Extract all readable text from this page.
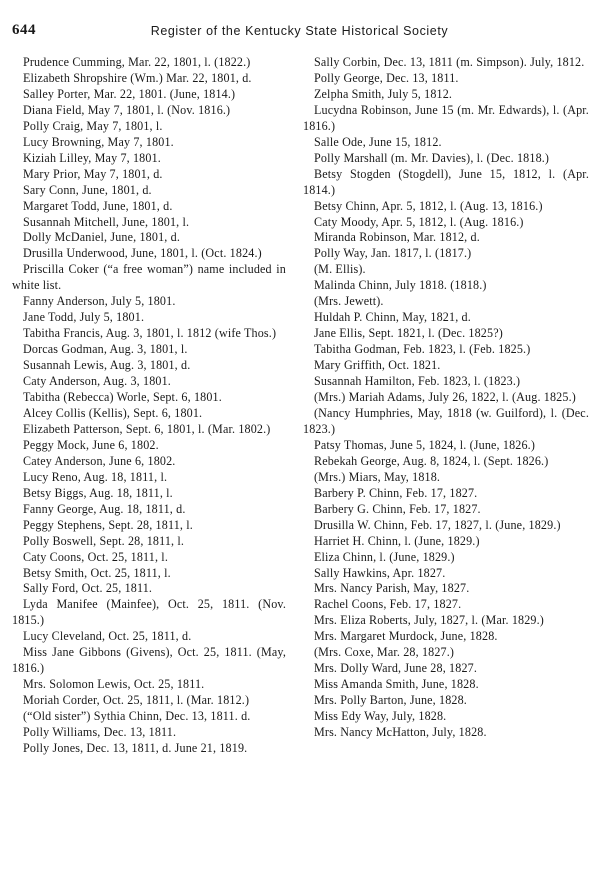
644	Register of the Kentucky State Historical Society
Prudence Cumming, Mar. 22, 1801, l. (1822.)
Elizabeth Shropshire (Wm.) Mar. 22, 1801, d.
Salley Porter, Mar. 22, 1801. (June, 1814.)
Diana Field, May 7, 1801, l. (Nov. 1816.)
Polly Craig, May 7, 1801, l.
Lucy Browning, May 7, 1801.
Kiziah Lilley, May 7, 1801.
Mary Prior, May 7, 1801, d.
Sary Conn, June, 1801, d.
Margaret Todd, June, 1801, d.
Susannah Mitchell, June, 1801, l.
Dolly McDaniel, June, 1801, d.
Drusilla Underwood, June, 1801, l. (Oct. 1824.)
Priscilla Coker (“a free woman”) name included in white list.
Fanny Anderson, July 5, 1801.
Jane Todd, July 5, 1801.
Tabitha Francis, Aug. 3, 1801, l. 1812 (wife Thos.)
Dorcas Godman, Aug. 3, 1801, l.
Susannah Lewis, Aug. 3, 1801, d.
Caty Anderson, Aug. 3, 1801.
Tabitha (Rebecca) Worle, Sept. 6, 1801.
Alcey Collis (Kellis), Sept. 6, 1801.
Elizabeth Patterson, Sept. 6, 1801, l. (Mar. 1802.)
Peggy Mock, June 6, 1802.
Catey Anderson, June 6, 1802.
Lucy Reno, Aug. 18, 1811, l.
Betsy Biggs, Aug. 18, 1811, l.
Fanny George, Aug. 18, 1811, d.
Peggy Stephens, Sept. 28, 1811, l.
Polly Boswell, Sept. 28, 1811, l.
Caty Coons, Oct. 25, 1811, l.
Betsy Smith, Oct. 25, 1811, l.
Sally Ford, Oct. 25, 1811.
Lyda Manifee (Mainfee), Oct. 25, 1811. (Nov. 1815.)
Lucy Cleveland, Oct. 25, 1811, d.
Miss Jane Gibbons (Givens), Oct. 25, 1811. (May, 1816.)
Mrs. Solomon Lewis, Oct. 25, 1811.
Moriah Corder, Oct. 25, 1811, l. (Mar. 1812.)
(“Old sister”) Sythia Chinn, Dec. 13, 1811. d.
Polly Williams, Dec. 13, 1811.
Polly Jones, Dec. 13, 1811, d. June 21, 1819.
Sally Corbin, Dec. 13, 1811 (m. Simpson). July, 1812.
Polly George, Dec. 13, 1811.
Zelpha Smith, July 5, 1812.
Lucydna Robinson, June 15 (m. Mr. Edwards), l. (Apr. 1816.)
Salle Ode, June 15, 1812.
Polly Marshall (m. Mr. Davies), l. (Dec. 1818.)
Betsy Stogden (Stogdell), June 15, 1812, l. (Apr. 1814.)
Betsy Chinn, Apr. 5, 1812, l. (Aug. 13, 1816.)
Caty Moody, Apr. 5, 1812, l. (Aug. 1816.)
Miranda Robinson, Mar. 1812, d.
Polly Way, Jan. 1817, l. (1817.)
(M. Ellis).
Malinda Chinn, July 1818. (1818.)
(Mrs. Jewett).
Huldah P. Chinn, May, 1821, d.
Jane Ellis, Sept. 1821, l. (Dec. 1825?)
Tabitha Godman, Feb. 1823, l. (Feb. 1825.)
Mary Griffith, Oct. 1821.
Susannah Hamilton, Feb. 1823, l. (1823.)
(Mrs.) Mariah Adams, July 26, 1822, l. (Aug. 1825.)
(Nancy Humphries, May, 1818 (w. Guilford), l. (Dec. 1823.)
Patsy Thomas, June 5, 1824, l. (June, 1826.)
Rebekah George, Aug. 8, 1824, l. (Sept. 1826.)
(Mrs.) Miars, May, 1818.
Barbery P. Chinn, Feb. 17, 1827.
Barbery G. Chinn, Feb. 17, 1827.
Drusilla W. Chinn, Feb. 17, 1827, l. (June, 1829.)
Harriet H. Chinn, l. (June, 1829.)
Eliza Chinn, l. (June, 1829.)
Sally Hawkins, Apr. 1827.
Mrs. Nancy Parish, May, 1827.
Rachel Coons, Feb. 17, 1827.
Mrs. Eliza Roberts, July, 1827, l. (Mar. 1829.)
Mrs. Margaret Murdock, June, 1828.
(Mrs. Coxe, Mar. 28, 1827.)
Mrs. Dolly Ward, June 28, 1827.
Miss Amanda Smith, June, 1828.
Mrs. Polly Barton, June, 1828.
Miss Edy Way, July, 1828.
Mrs. Nancy McHatton, July, 1828.
